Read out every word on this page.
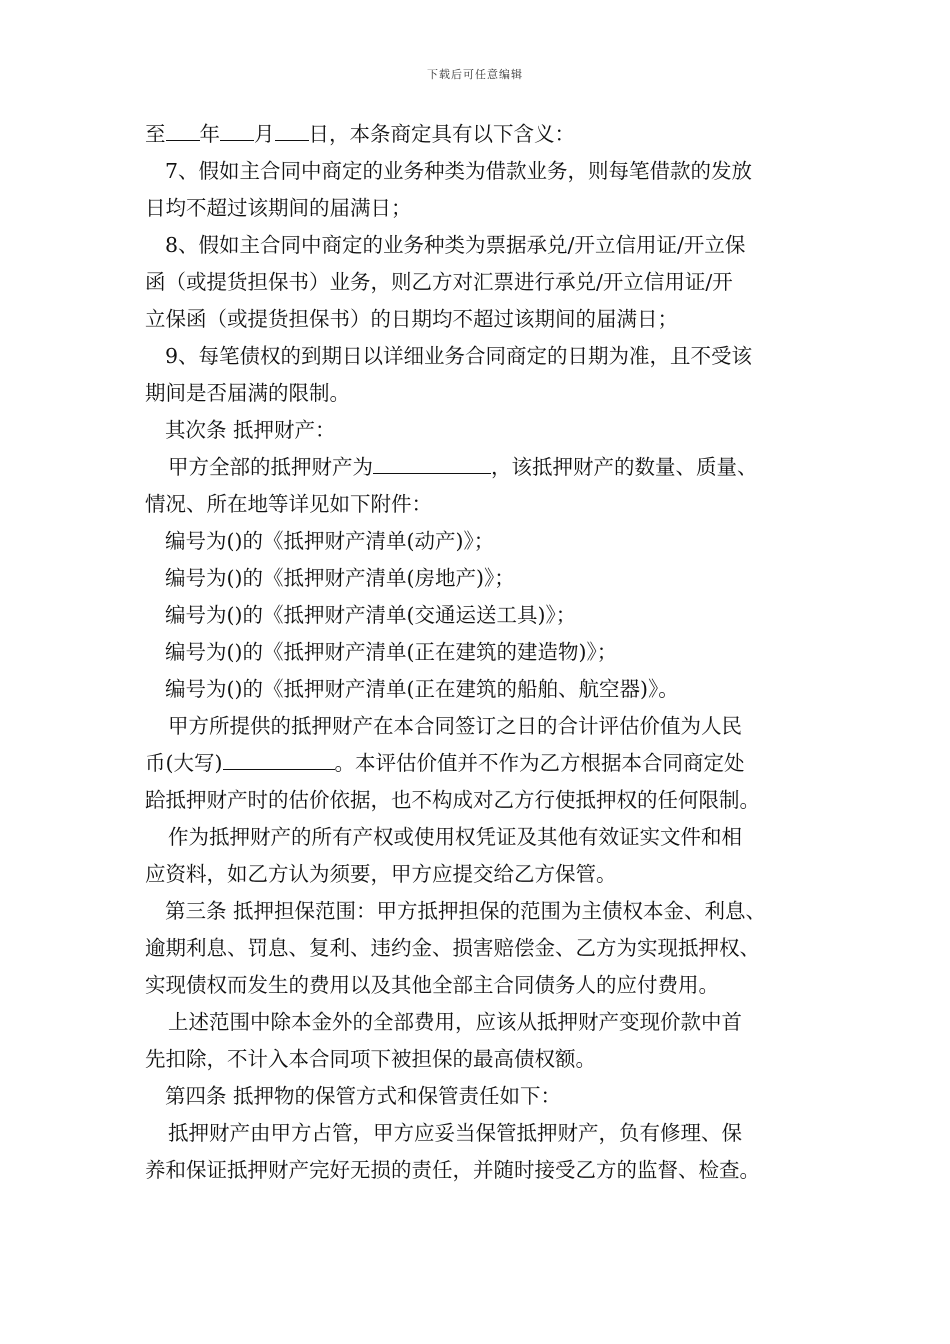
下载后可任意编辑
至 年 月 日，本条商定具有以下含义：
7、假如主合同中商定的业务种类为借款业务，则每笔借款的发放
日均不超过该期间的届满日；
8、假如主合同中商定的业务种类为票据承兑/开立信用证/开立保
函（或提货担保书）业务，则乙方对汇票进行承兑/开立信用证/开
立保函（或提货担保书）的日期均不超过该期间的届满日；
9、每笔债权的到期日以详细业务合同商定的日期为准，且不受该
期间是否届满的限制。
其次条 抵押财产：
甲方全部的抵押财产为	，该抵押财产的数量、质量、
情况、所在地等详见如下附件：
编号为()的《抵押财产清单(动产)》；
编号为()的《抵押财产清单(房地产)》；
编号为()的《抵押财产清单(交通运送工具)》；
编号为()的《抵押财产清单(正在建筑的建造物)》；
编号为()的《抵押财产清单(正在建筑的船舶、航空器)》。
甲方所提供的抵押财产在本合同签订之日的合计评估价值为人民
币(大写)	。本评估价值并不作为乙方根据本合同商定处
跲抵押财产时的估价依据，也不构成对乙方行使抵押权的任何限制。
作为抵押财产的所有产权或使用权凭证及其他有效证实文件和相
应资料，如乙方认为须要，甲方应提交给乙方保管。
第三条 抵押担保范围：甲方抵押担保的范围为主债权本金、利息、
逾期利息、罚息、复利、违约金、损害赔偿金、乙方为实现抵押权、
实现债权而发生的费用以及其他全部主合同债务人的应付费用。
上述范围中除本金外的全部费用，应该从抵押财产变现价款中首
先扣除，不计入本合同项下被担保的最高债权额。
第四条 抵押物的保管方式和保管责任如下：
抵押财产由甲方占管，甲方应妥当保管抵押财产，负有修理、保
养和保证抵押财产完好无损的责任，并随时接受乙方的监督、检查。
